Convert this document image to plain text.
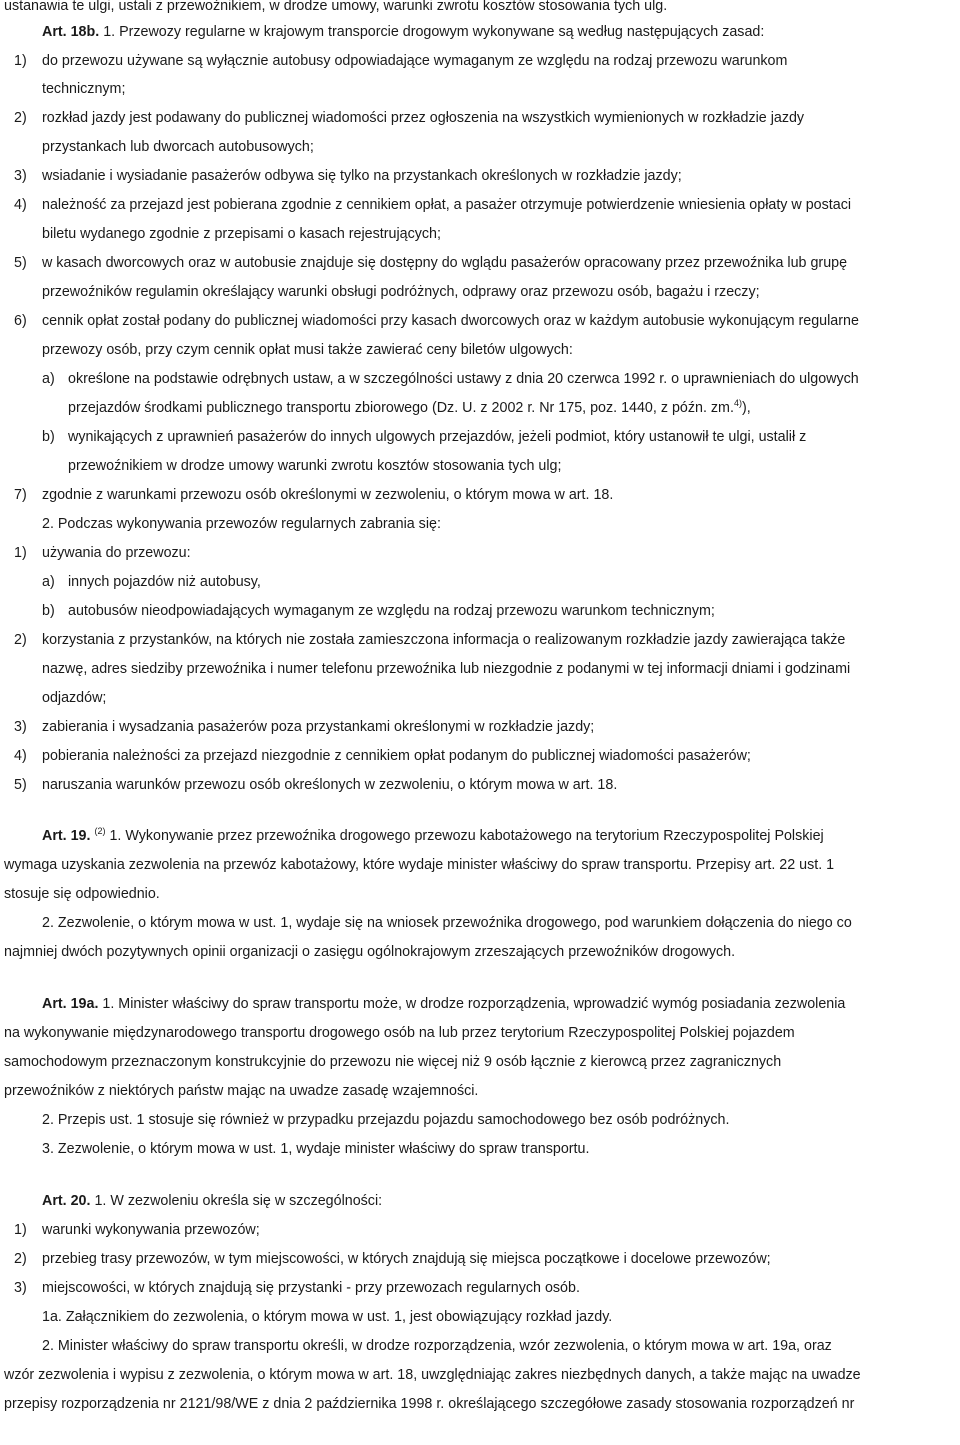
ustanawia te ulgi, ustali z przewoźnikiem, w drodze umowy, warunki zwrotu kosztów stosowania tych ulg.
Art. 18b. 1. Przewozy regularne w krajowym transporcie drogowym wykonywane są według następujących zasad:
1) do przewozu używane są wyłącznie autobusy odpowiadające wymaganym ze względu na rodzaj przewozu warunkom
technicznym;
2) rozkład jazdy jest podawany do publicznej wiadomości przez ogłoszenia na wszystkich wymienionych w rozkładzie jazdy
przystankach lub dworcach autobusowych;
3) wsiadanie i wysiadanie pasażerów odbywa się tylko na przystankach określonych w rozkładzie jazdy;
4) należność za przejazd jest pobierana zgodnie z cennikiem opłat, a pasażer otrzymuje potwierdzenie wniesienia opłaty w postaci
biletu wydanego zgodnie z przepisami o kasach rejestrujących;
5) w kasach dworcowych oraz w autobusie znajduje się dostępny do wglądu pasażerów opracowany przez przewoźnika lub grupę
przewoźników regulamin określający warunki obsługi podróżnych, odprawy oraz przewozu osób, bagażu i rzeczy;
6) cennik opłat został podany do publicznej wiadomości przy kasach dworcowych oraz w każdym autobusie wykonującym regularne
przewozy osób, przy czym cennik opłat musi także zawierać ceny biletów ulgowych:
a) określone na podstawie odrębnych ustaw, a w szczególności ustawy z dnia 20 czerwca 1992 r. o uprawnieniach do ulgowych
przejazdów środkami publicznego transportu zbiorowego (Dz. U. z 2002 r. Nr 175, poz. 1440, z późn. zm.$^{4)}$),
b) wynikających z uprawnień pasażerów do innych ulgowych przejazdów, jeżeli podmiot, który ustanowił te ulgi, ustalił z
przewoźnikiem w drodze umowy warunki zwrotu kosztów stosowania tych ulg;
7) zgodnie z warunkami przewozu osób określonymi w zezwoleniu, o którym mowa w art. 18.
2. Podczas wykonywania przewozów regularnych zabrania się:
1) używania do przewozu:
a) innych pojazdów niż autobusy,
b) autobusów nieodpowiadających wymaganym ze względu na rodzaj przewozu warunkom technicznym;
2) korzystania z przystanków, na których nie została zamieszczona informacja o realizowanym rozkładzie jazdy zawierająca także
nazwę, adres siedziby przewoźnika i numer telefonu przewoźnika lub niezgodnie z podanymi w tej informacji dniami i godzinami
odjazdów;
3) zabierania i wysadzania pasażerów poza przystankami określonymi w rozkładzie jazdy;
4) pobierania należności za przejazd niezgodnie z cennikiem opłat podanym do publicznej wiadomości pasażerów;
5) naruszania warunków przewozu osób określonych w zezwoleniu, o którym mowa w art. 18.
Art. 19. $^{(2)}$ 1. Wykonywanie przez przewoźnika drogowego przewozu kabotażowego na terytorium Rzeczypospolitej Polskiej
wymaga uzyskania zezwolenia na przewóz kabotażowy, które wydaje minister właściwy do spraw transportu. Przepisy art. 22 ust. 1
stosuje się odpowiednio.
2. Zezwolenie, o którym mowa w ust. 1, wydaje się na wniosek przewoźnika drogowego, pod warunkiem dołączenia do niego co
najmniej dwóch pozytywnych opinii organizacji o zasięgu ogólnokrajowym zrzeszających przewoźników drogowych.
Art. 19a. 1. Minister właściwy do spraw transportu może, w drodze rozporządzenia, wprowadzić wymóg posiadania zezwolenia
na wykonywanie międzynarodowego transportu drogowego osób na lub przez terytorium Rzeczypospolitej Polskiej pojazdem
samochodowym przeznaczonym konstrukcyjnie do przewozu nie więcej niż 9 osób łącznie z kierowcą przez zagranicznych
przewoźników z niektórych państw mając na uwadze zasadę wzajemności.
2. Przepis ust. 1 stosuje się również w przypadku przejazdu pojazdu samochodowego bez osób podróżnych.
3. Zezwolenie, o którym mowa w ust. 1, wydaje minister właściwy do spraw transportu.
Art. 20. 1. W zezwoleniu określa się w szczególności:
1) warunki wykonywania przewozów;
2) przebieg trasy przewozów, w tym miejscowości, w których znajdują się miejsca początkowe i docelowe przewozów;
3) miejscowości, w których znajdują się przystanki - przy przewozach regularnych osób.
1a. Załącznikiem do zezwolenia, o którym mowa w ust. 1, jest obowiązujący rozkład jazdy.
2. Minister właściwy do spraw transportu określi, w drodze rozporządzenia, wzór zezwolenia, o którym mowa w art. 19a, oraz
wzór zezwolenia i wypisu z zezwolenia, o którym mowa w art. 18, uwzględniając zakres niezbędnych danych, a także mając na uwadze
przepisy rozporządzenia nr 2121/98/WE z dnia 2 października 1998 r. określającego szczegółowe zasady stosowania rozporządzeń nr
